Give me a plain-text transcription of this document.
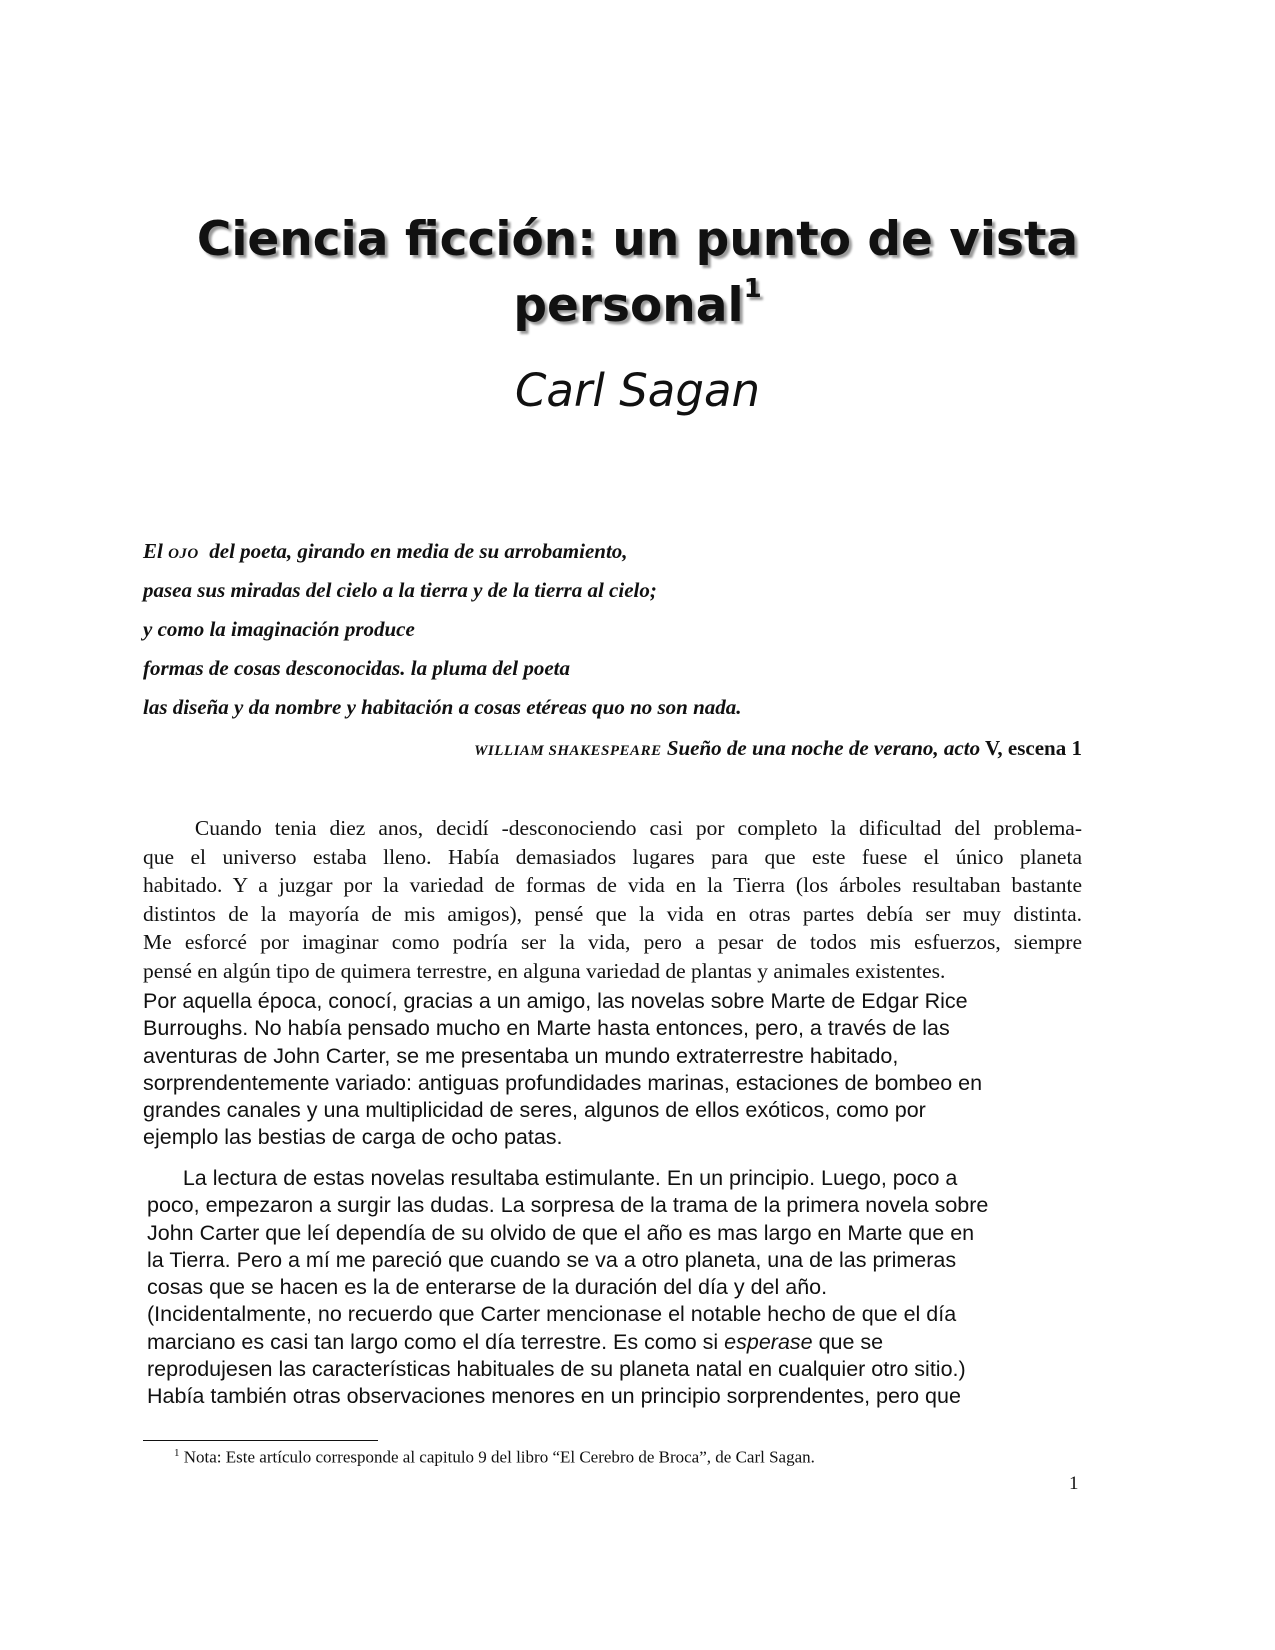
Ciencia ficción: un punto de vista
personal$^1$
Carl Sagan
El OJO  del poeta, girando en media de su arrobamiento,
pasea sus miradas del cielo a la tierra y de la tierra al cielo;
y como la imaginación produce
formas de cosas desconocidas. la pluma del poeta
las diseña y da nombre y habitación a cosas etéreas quo no son nada.
WILLIAM SHAKESPEARE Sueño de una noche de verano, acto V, escena 1
Cuando tenia diez anos, decidí -desconociendo casi por completo la dificultad del problema-
que el universo estaba lleno. Había demasiados lugares para que este fuese el único planeta
habitado. Y a juzgar por la variedad de formas de vida en la Tierra (los árboles resultaban bastante
distintos de la mayoría de mis amigos), pensé que la vida en otras partes debía ser muy distinta.
Me esforcé por imaginar como podría ser la vida, pero a pesar de todos mis esfuerzos, siempre
pensé en algún tipo de quimera terrestre, en alguna variedad de plantas y animales existentes.
Por aquella época, conocí, gracias a un amigo, las novelas sobre Marte de Edgar Rice
Burroughs. No había pensado mucho en Marte hasta entonces, pero, a través de las
aventuras de John Carter, se me presentaba un mundo extraterrestre habitado,
sorprendentemente variado: antiguas profundidades marinas, estaciones de bombeo en
grandes canales y una multiplicidad de seres, algunos de ellos exóticos, como por
ejemplo las bestias de carga de ocho patas.
La lectura de estas novelas resultaba estimulante. En un principio. Luego, poco a
poco, empezaron a surgir las dudas. La sorpresa de la trama de la primera novela sobre
John Carter que leí dependía de su olvido de que el año es mas largo en Marte que en
la Tierra. Pero a mí me pareció que cuando se va a otro planeta, una de las primeras
cosas que se hacen es la de enterarse de la duración del día y del año.
(Incidentalmente, no recuerdo que Carter mencionase el notable hecho de que el día
marciano es casi tan largo como el día terrestre. Es como si esperase que se
reprodujesen las características habituales de su planeta natal en cualquier otro sitio.)
Había también otras observaciones menores en un principio sorprendentes, pero que
$^1$ Nota: Este artículo corresponde al capitulo 9 del libro “El Cerebro de Broca”, de Carl Sagan.
1
